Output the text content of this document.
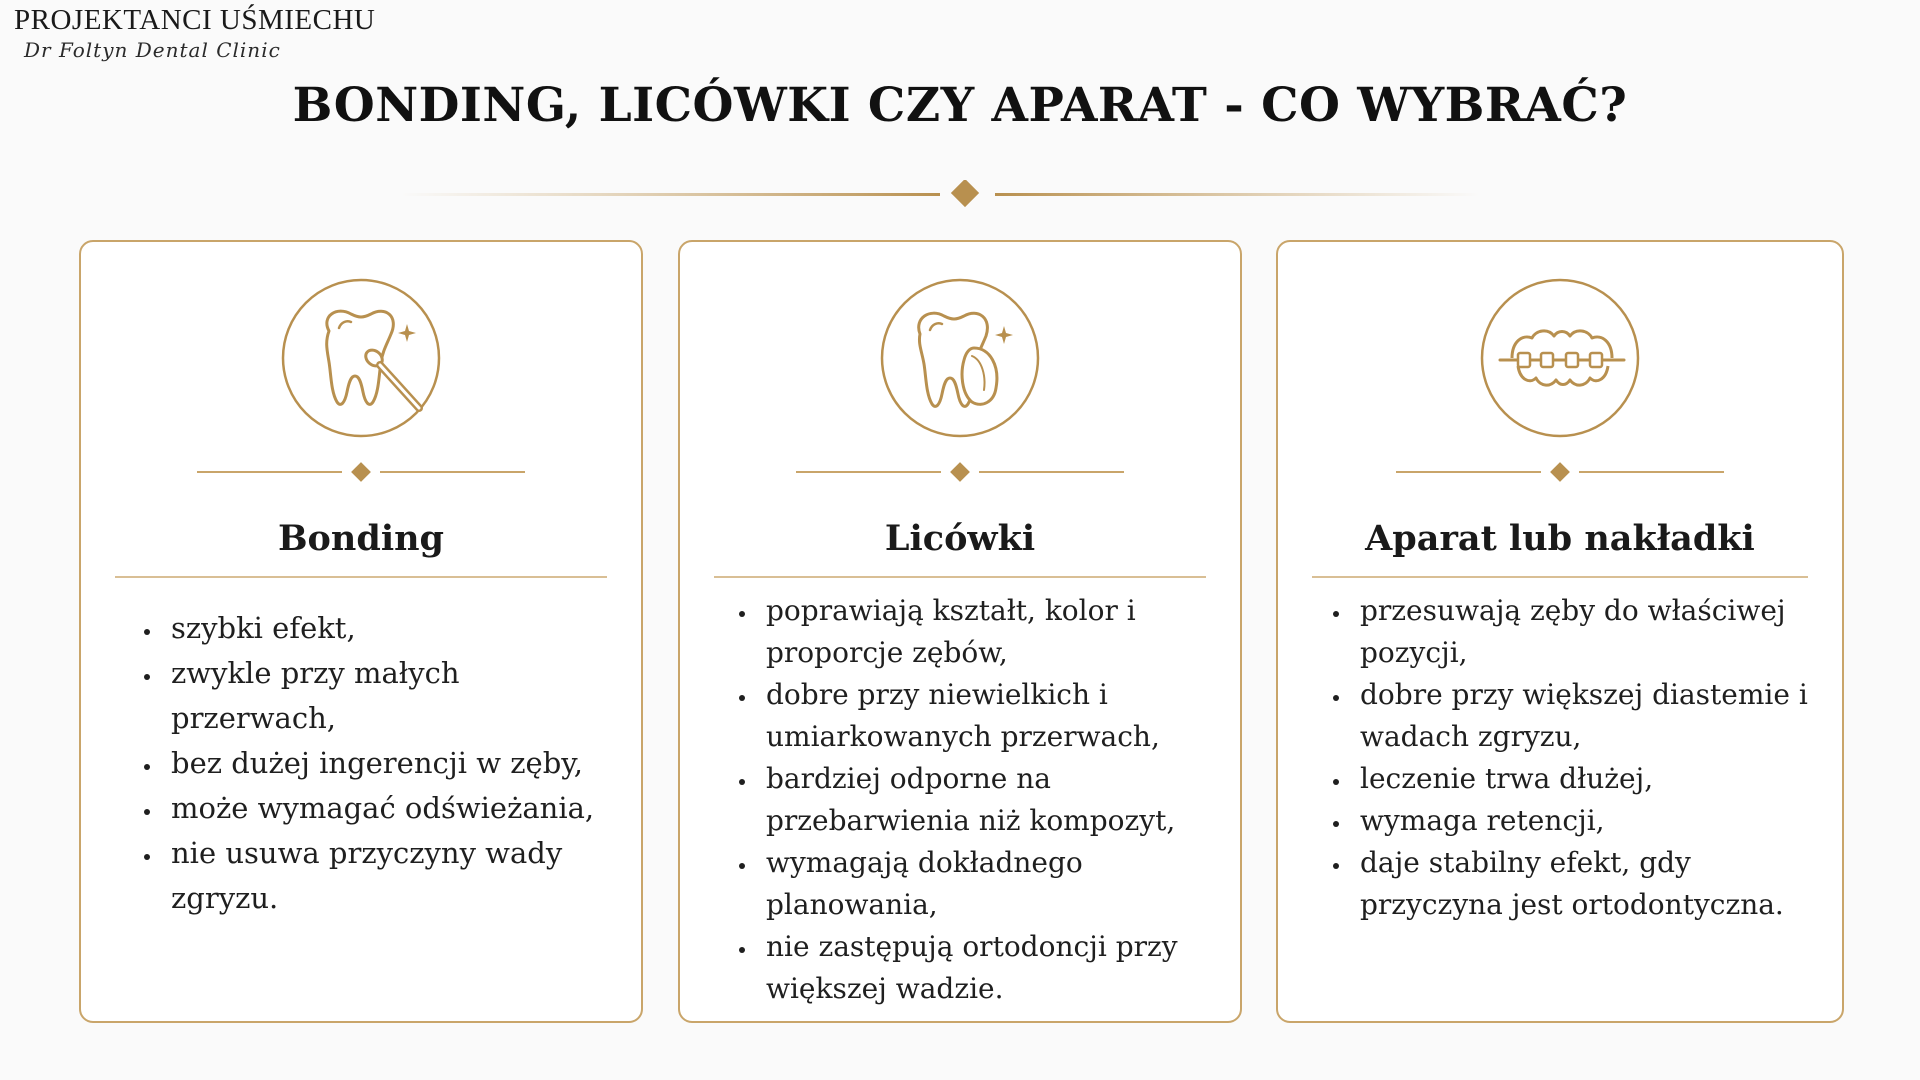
PROJEKTANCI UŚMIECHU
Dr Foltyn Dental Clinic
BONDING, LICÓWKI CZY APARAT - CO WYBRAĆ?
Bonding
• szybki efekt,
• zwykle przy małych przerwach,
• bez dużej ingerencji w zęby,
• może wymagać odświeżania,
• nie usuwa przyczyny wady zgryzu.
Licówki
• poprawiają kształt, kolor i proporcje zębów,
• dobre przy niewielkich i umiarkowanych przerwach,
• bardziej odporne na przebarwienia niż kompozyt,
• wymagają dokładnego planowania,
• nie zastępują ortodoncji przy większej wadzie.
Aparat lub nakładki
• przesuwają zęby do właściwej pozycji,
• dobre przy większej diastemie i wadach zgryzu,
• leczenie trwa dłużej,
• wymaga retencji,
• daje stabilny efekt, gdy przyczyna jest ortodontyczna.
